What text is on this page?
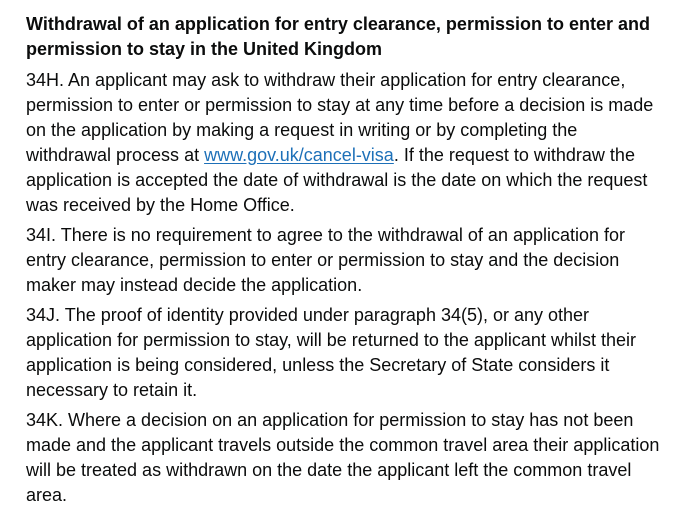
Withdrawal of an application for entry clearance, permission to enter and permission to stay in the United Kingdom

34H. An applicant may ask to withdraw their application for entry clearance, permission to enter or permission to stay at any time before a decision is made on the application by making a request in writing or by completing the withdrawal process at www.gov.uk/cancel-visa. If the request to withdraw the application is accepted the date of withdrawal is the date on which the request was received by the Home Office.

34I. There is no requirement to agree to the withdrawal of an application for entry clearance, permission to enter or permission to stay and the decision maker may instead decide the application.

34J. The proof of identity provided under paragraph 34(5), or any other application for permission to stay, will be returned to the applicant whilst their application is being considered, unless the Secretary of State considers it necessary to retain it.

34K. Where a decision on an application for permission to stay has not been made and the applicant travels outside the common travel area their application will be treated as withdrawn on the date the applicant left the common travel area.
